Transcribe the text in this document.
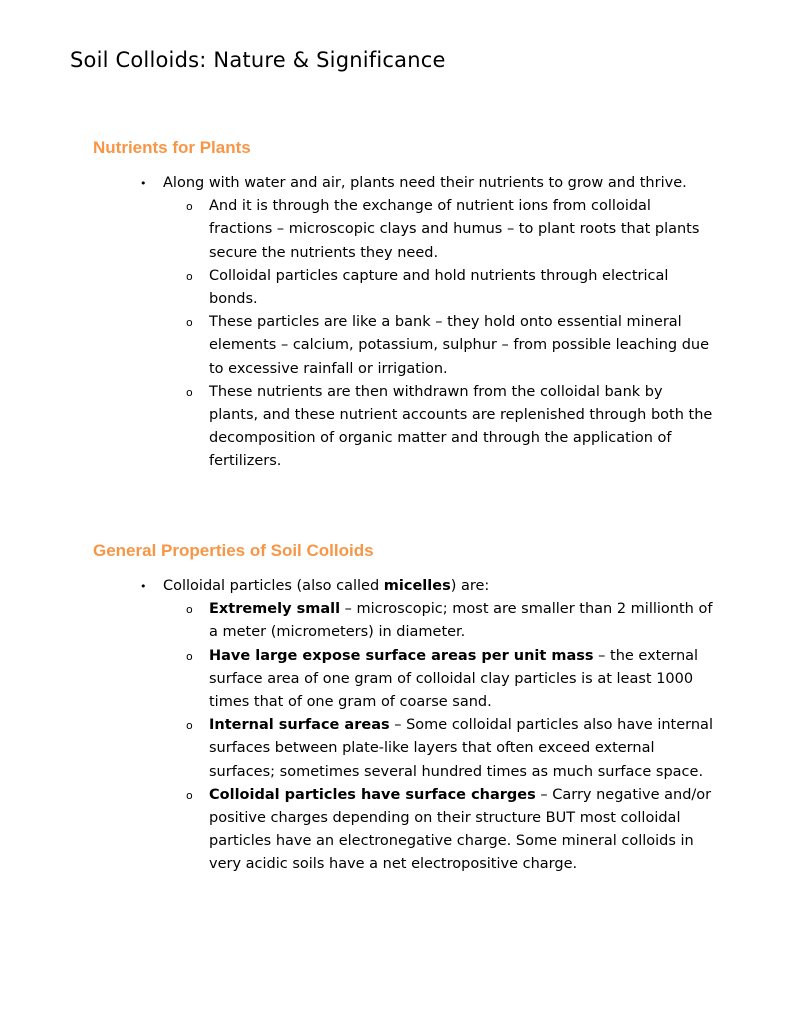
Soil Colloids: Nature & Significance
Nutrients for Plants
• Along with water and air, plants need their nutrients to grow and thrive.
o And it is through the exchange of nutrient ions from colloidal fractions – microscopic clays and humus – to plant roots that plants secure the nutrients they need.
o Colloidal particles capture and hold nutrients through electrical bonds.
o These particles are like a bank – they hold onto essential mineral elements – calcium, potassium, sulphur – from possible leaching due to excessive rainfall or irrigation.
o These nutrients are then withdrawn from the colloidal bank by plants, and these nutrient accounts are replenished through both the decomposition of organic matter and through the application of fertilizers.
General Properties of Soil Colloids
• Colloidal particles (also called micelles) are:
o Extremely small – microscopic; most are smaller than 2 millionth of a meter (micrometers) in diameter.
o Have large expose surface areas per unit mass – the external surface area of one gram of colloidal clay particles is at least 1000 times that of one gram of coarse sand.
o Internal surface areas – Some colloidal particles also have internal surfaces between plate-like layers that often exceed external surfaces; sometimes several hundred times as much surface space.
o Colloidal particles have surface charges – Carry negative and/or positive charges depending on their structure BUT most colloidal particles have an electronegative charge. Some mineral colloids in very acidic soils have a net electropositive charge.
